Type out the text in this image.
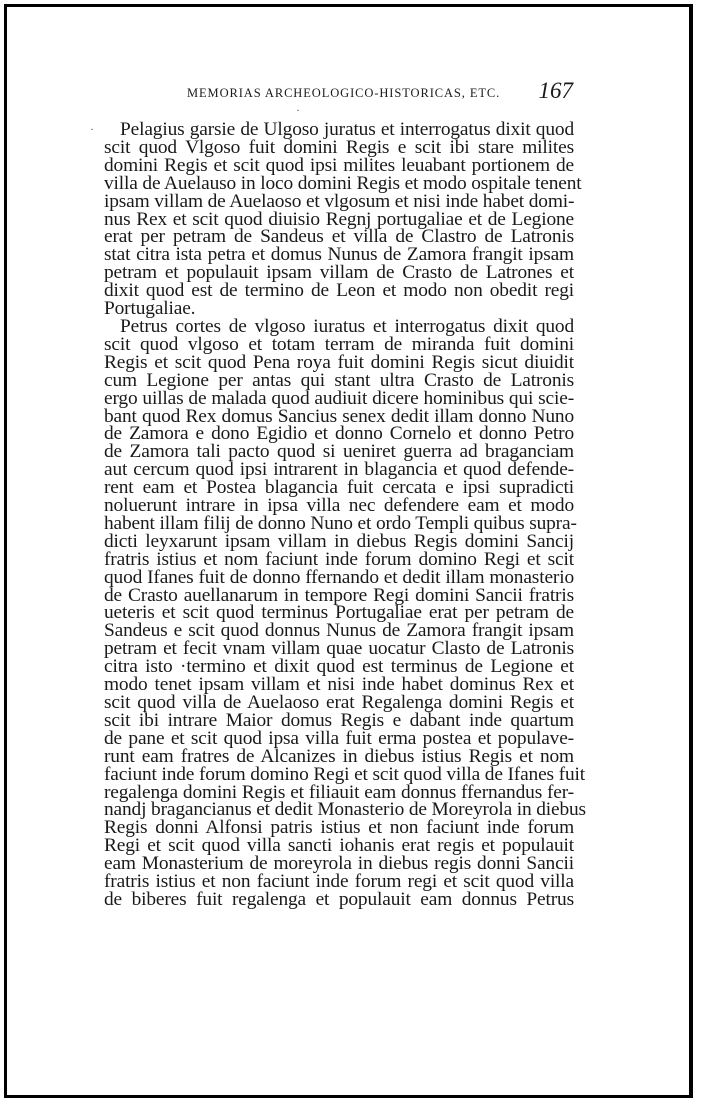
MEMORIAS ARCHEOLOGICO-HISTORICAS, ETC. 167
·
·	Pelagius garsie de Ulgoso juratus et interrogatus dixit quod

scit quod Vlgoso fuit domini Regis e scit ibi stare milites

domini Regis et scit quod ipsi milites leuabant portionem de

villa de Auelauso in loco domini Regis et modo ospitale tenent

ipsam villam de Auelaoso et vlgosum et nisi inde habet domi-

nus Rex et scit quod diuisio Regnj portugaliae et de Legione

erat per petram de Sandeus et villa de Clastro de Latronis

stat citra ista petra et domus Nunus de Zamora frangit ipsam

petram et populauit ipsam villam de Crasto de Latrones et

dixit quod est de termino de Leon et modo non obedit regi

Portugaliae.

Petrus cortes de vlgoso iuratus et interrogatus dixit quod

scit quod vlgoso et totam terram de miranda fuit domini

Regis et scit quod Pena roya fuit domini Regis sicut diuidit

cum Legione per antas qui stant ultra Crasto de Latronis

ergo uillas de malada quod audiuit dicere hominibus qui scie-

bant quod Rex domus Sancius senex dedit illam donno Nuno

de Zamora e dono Egidio et donno Cornelo et donno Petro

de Zamora tali pacto quod si ueniret guerra ad braganciam

aut cercum quod ipsi intrarent in blagancia et quod defende-

rent eam et Postea blagancia fuit cercata e ipsi supradicti

noluerunt intrare in ipsa villa nec defendere eam et modo

habent illam filij de donno Nuno et ordo Templi quibus supra-

dicti leyxarunt ipsam villam in diebus Regis domini Sancij

fratris istius et nom faciunt inde forum domino Regi et scit

quod Ifanes fuit de donno ffernando et dedit illam monasterio

de Crasto auellanarum in tempore Regi domini Sancii fratris

ueteris et scit quod terminus Portugaliae erat per petram de

Sandeus e scit quod donnus Nunus de Zamora frangit ipsam

petram et fecit vnam villam quae uocatur Clasto de Latronis

citra isto ·termino et dixit quod est terminus de Legione et

modo tenet ipsam villam et nisi inde habet dominus Rex et

scit quod villa de Auelaoso erat Regalenga domini Regis et

scit ibi intrare Maior domus Regis e dabant inde quartum

de pane et scit quod ipsa villa fuit erma postea et populave-

runt eam fratres de Alcanizes in diebus istius Regis et nom

faciunt inde forum domino Regi et scit quod villa de Ifanes fuit

regalenga domini Regis et filiauit eam donnus ffernandus fer-

nandj bragancianus et dedit Monasterio de Moreyrola in diebus

Regis donni Alfonsi patris istius et non faciunt inde forum

Regi et scit quod villa sancti iohanis erat regis et populauit

eam Monasterium de moreyrola in diebus regis donni Sancii

fratris istius et non faciunt inde forum regi et scit quod villa

de biberes fuit regalenga et populauit eam donnus Petrus
